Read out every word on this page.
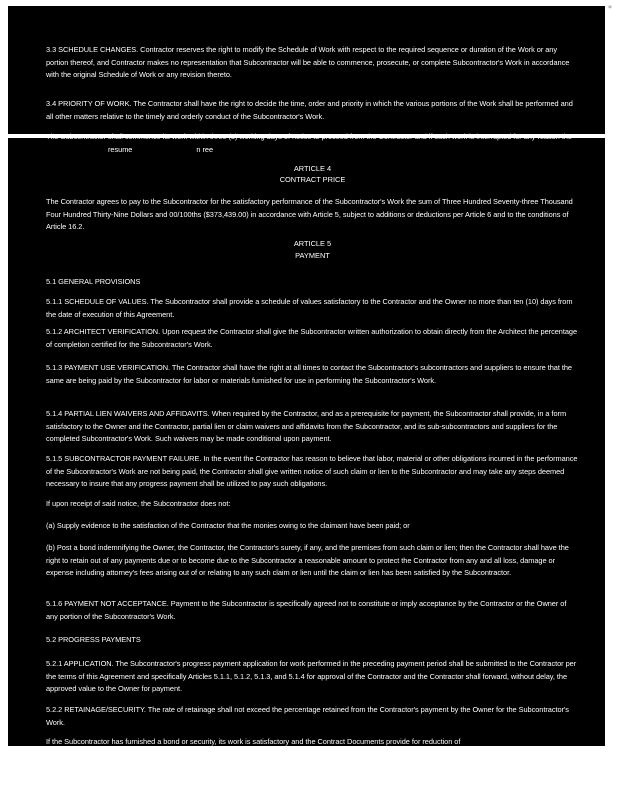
3.3 SCHEDULE CHANGES. Contractor reserves the right to modify the Schedule of Work with respect to the required sequence or duration of the Work or any portion thereof, and Contractor makes no representation that Subcontractor will be able to commence, prosecute, or complete Subcontractor's Work in accordance with the original Schedule of Work or any revision thereto.
3.4 PRIORITY OF WORK. The Contractor shall have the right to decide the time, order and priority in which the various portions of the Work shall be performed and all other matters relative to the timely and orderly conduct of the Subcontractor's Work.
resume	n ree
ARTICLE 4
CONTRACT PRICE
The Contractor agrees to pay to the Subcontractor for the satisfactory performance of the Subcontractor's Work the sum of Three Hundred Seventy-three Thousand Four Hundred Thirty-Nine Dollars and 00/100ths ($373,439.00) in accordance with Article 5, subject to additions or deductions per Article 6 and to the conditions of Article 16.2.
ARTICLE 5
PAYMENT
5.1 GENERAL PROVISIONS
5.1.1 SCHEDULE OF VALUES. The Subcontractor shall provide a schedule of values satisfactory to the Contractor and the Owner no more than ten (10) days from the date of execution of this Agreement.
5.1.2 ARCHITECT VERIFICATION. Upon request the Contractor shall give the Subcontractor written authorization to obtain directly from the Architect the percentage of completion certified for the Subcontractor's Work.
5.1.3 PAYMENT USE VERIFICATION. The Contractor shall have the right at all times to contact the Subcontractor's subcontractors and suppliers to ensure that the same are being paid by the Subcontractor for labor or materials furnished for use in performing the Subcontractor's Work.
5.1.4 PARTIAL LIEN WAIVERS AND AFFIDAVITS. When required by the Contractor, and as a prerequisite for payment, the Subcontractor shall provide, in a form satisfactory to the Owner and the Contractor, partial lien or claim waivers and affidavits from the Subcontractor, and its sub-subcontractors and suppliers for the completed Subcontractor's Work. Such waivers may be made conditional upon payment.
5.1.5 SUBCONTRACTOR PAYMENT FAILURE. In the event the Contractor has reason to believe that labor, material or other obligations incurred in the performance of the Subcontractor's Work are not being paid, the Contractor shall give written notice of such claim or lien to the Subcontractor and may take any steps deemed necessary to insure that any progress payment shall be utilized to pay such obligations.
If upon receipt of said notice, the Subcontractor does not:
(a) Supply evidence to the satisfaction of the Contractor that the monies owing to the claimant have been paid; or
(b) Post a bond indemnifying the Owner, the Contractor, the Contractor's surety, if any, and the premises from such claim or lien; then the Contractor shall have the right to retain out of any payments due or to become due to the Subcontractor a reasonable amount to protect the Contractor from any and all loss, damage or expense including attorney's fees arising out of or relating to any such claim or lien until the claim or lien has been satisfied by the Subcontractor.
5.1.6 PAYMENT NOT ACCEPTANCE. Payment to the Subcontractor is specifically agreed not to constitute or imply acceptance by the Contractor or the Owner of any portion of the Subcontractor's Work.
5.2 PROGRESS PAYMENTS
5.2.1 APPLICATION. The Subcontractor's progress payment application for work performed in the preceding payment period shall be submitted to the Contractor per the terms of this Agreement and specifically Articles 5.1.1, 5.1.2, 5.1.3, and 5.1.4 for approval of the Contractor and the Contractor shall forward, without delay, the approved value to the Owner for payment.
5.2.2 RETAINAGE/SECURITY. The rate of retainage shall not exceed the percentage retained from the Contractor's payment by the Owner for the Subcontractor's Work.
If the Subcontractor has furnished a bond or security, its work is satisfactory and the Contract Documents provide for reduction of
*
